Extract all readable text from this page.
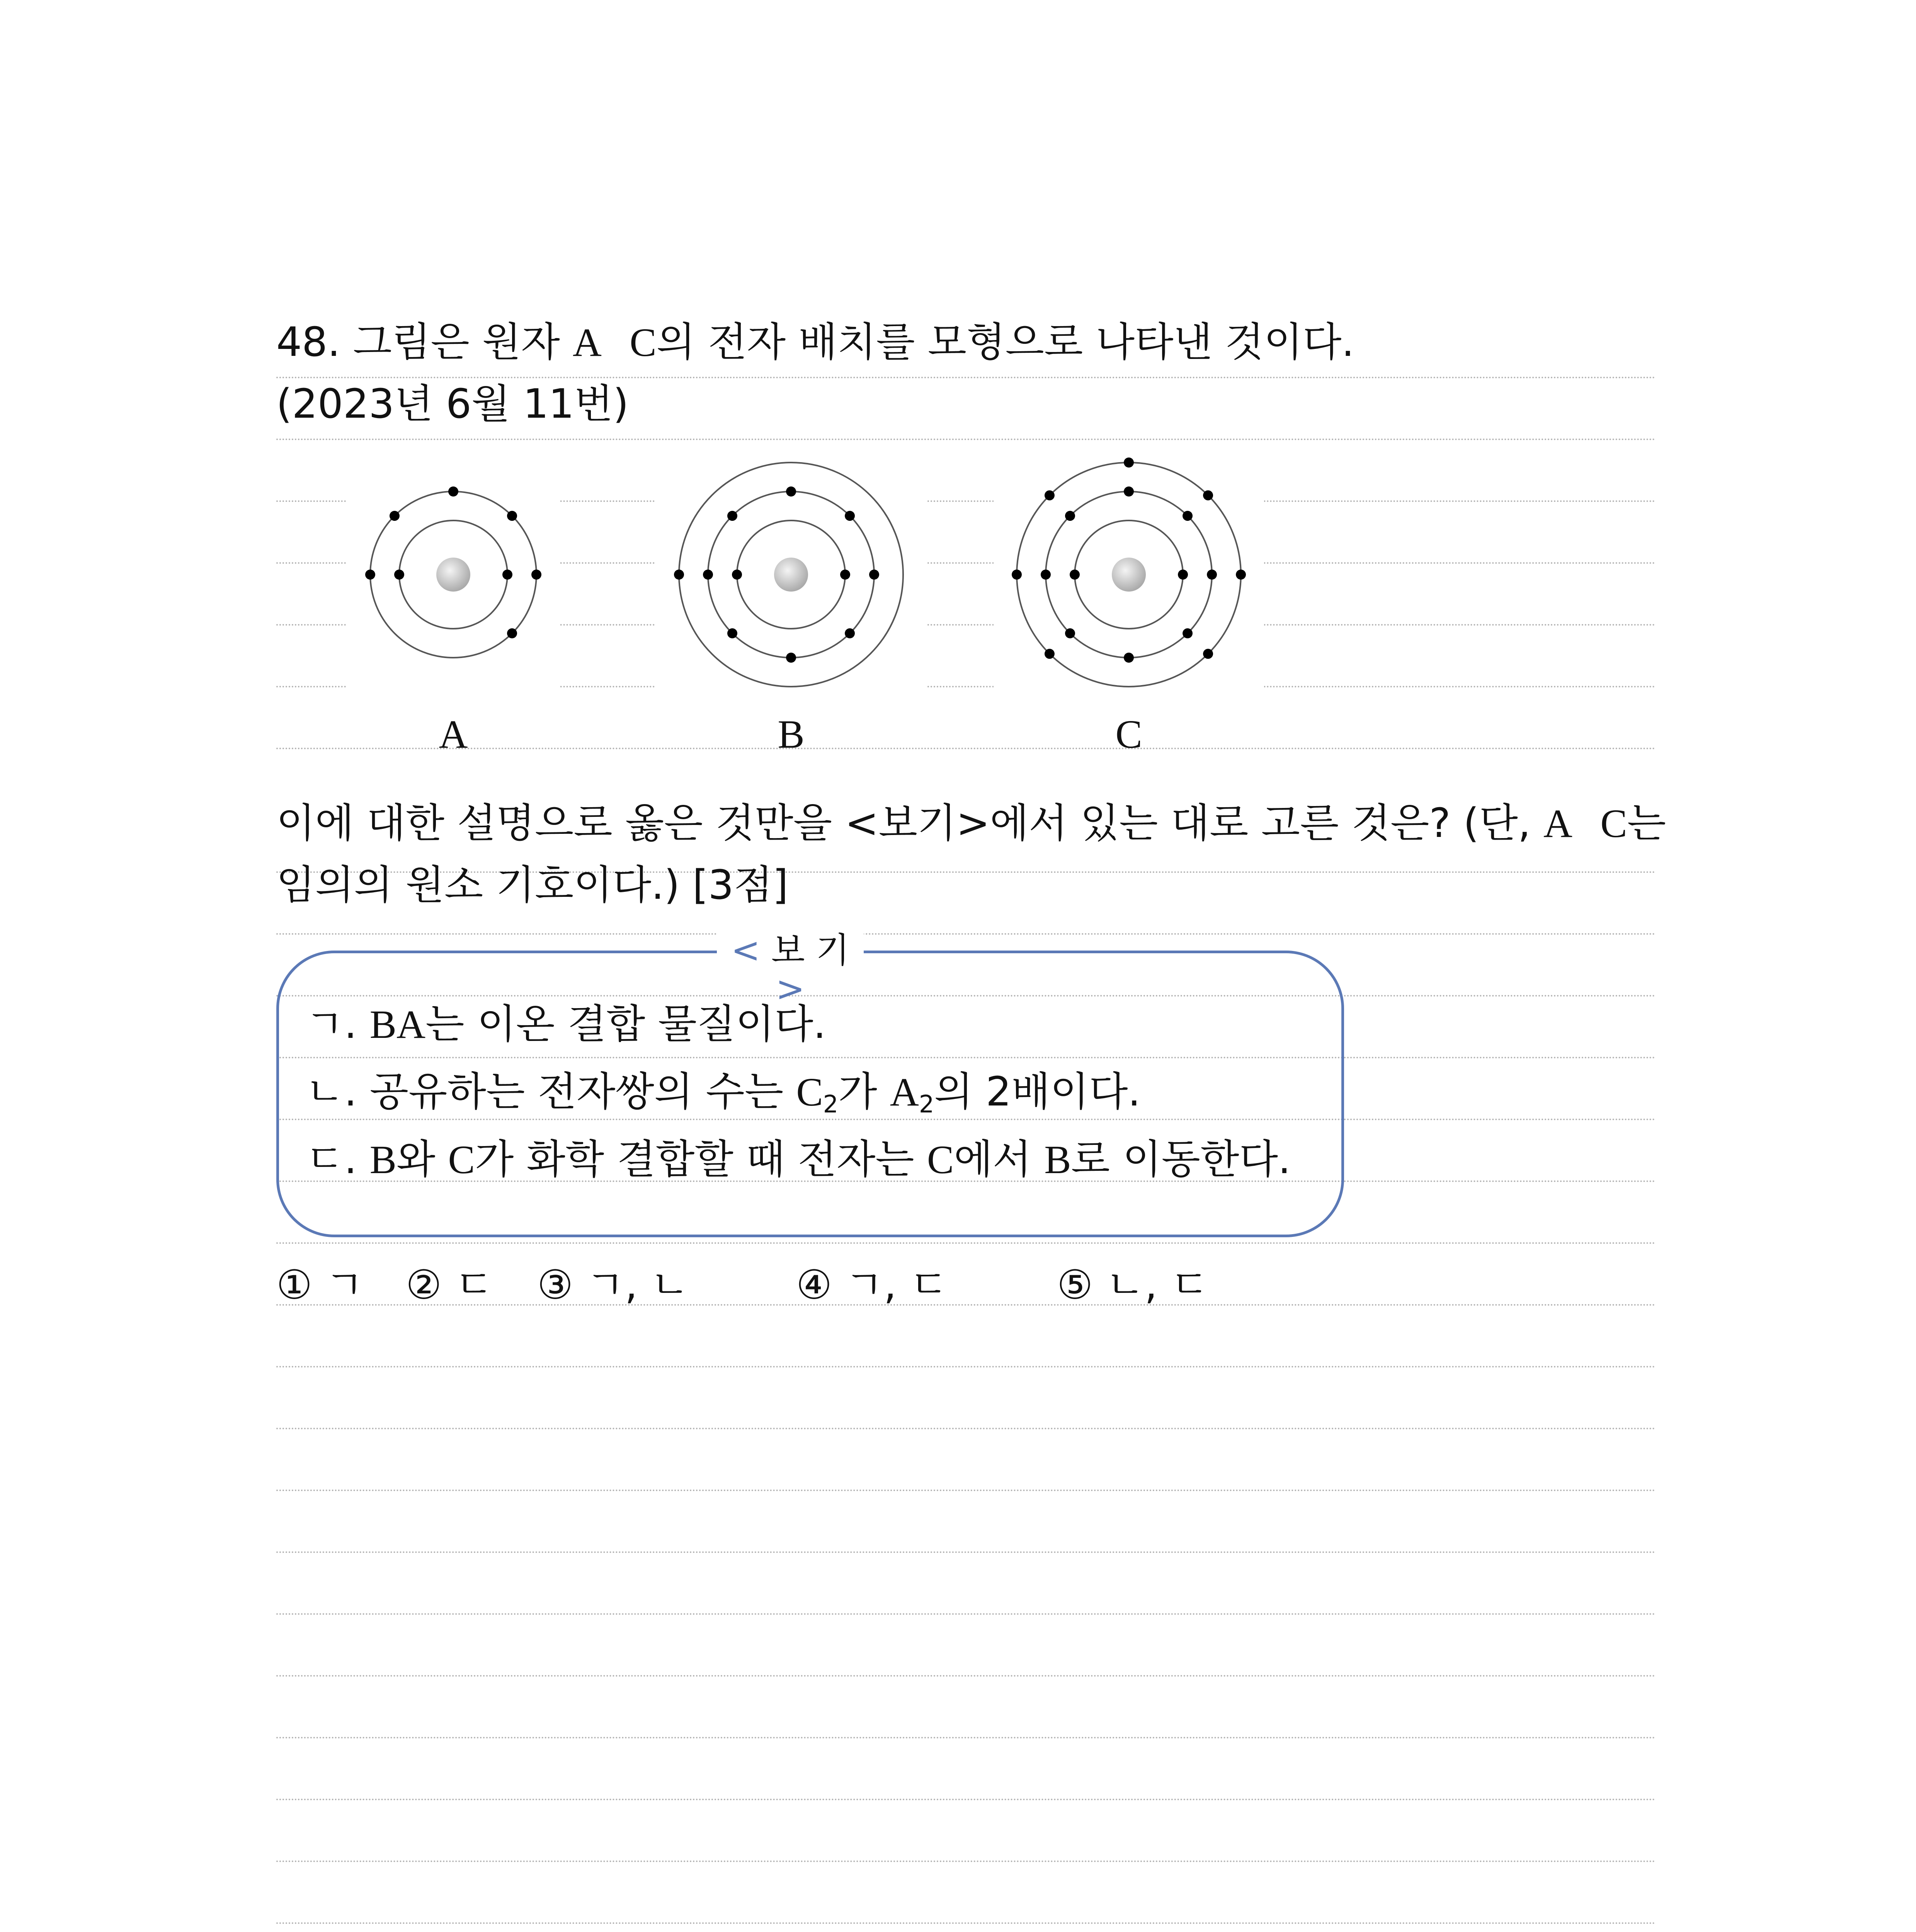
48. 그림은 원자 A   C의 전자 배치를 모형으로 나타낸 것이다.
(2023년 6월 11번)
A	B	C
이에 대한 설명으로 옳은 것만을 <보기>에서 있는 대로 고른 것은? (단, A   C는
임의의 원소 기호이다.) [3점]
< 보 기 >
ㄱ. BA는 이온 결합 물질이다.
ㄴ. 공유하는 전자쌍의 수는 $C_2$가 $A_2$의 2배이다.
ㄷ. B와 C가 화학 결합할 때 전자는 C에서 B로 이동한다.
① ㄱ ② ㄷ ③ ㄱ, ㄴ	④ ㄱ, ㄷ	⑤ ㄴ, ㄷ
